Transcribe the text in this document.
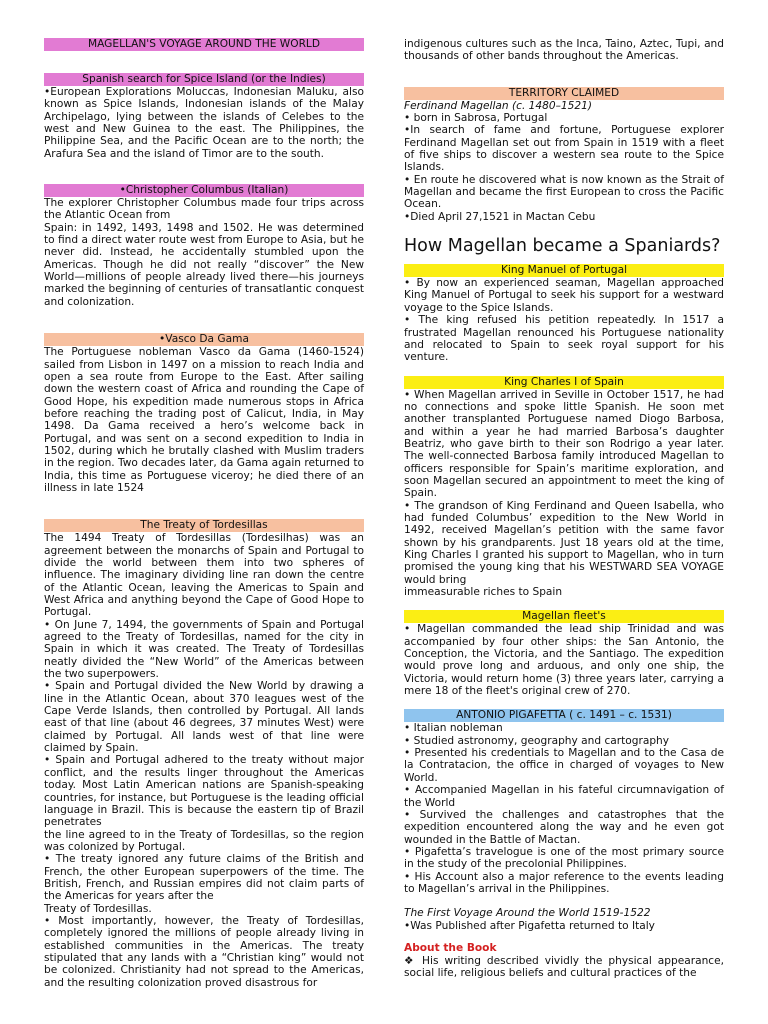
MAGELLAN'S VOYAGE AROUND THE WORLD
Spanish search for Spice Island (or the Indies)

•European Explorations Moluccas, Indonesian Maluku, also known as Spice Islands, Indonesian islands of the Malay Archipelago, lying between the islands of Celebes to the west and New Guinea to the east. The Philippines, the Philippine Sea, and the Pacific Ocean are to the north; the Arafura Sea and the island of Timor are to the south.

•Christopher Columbus (Italian)

The explorer Christopher Columbus made four trips across the Atlantic Ocean from
Spain: in 1492, 1493, 1498 and 1502. He was determined to find a direct water route west from Europe to Asia, but he never did. Instead, he accidentally stumbled upon the Americas. Though he did not really “discover” the New World—millions of people already lived there—his journeys marked the beginning of centuries of transatlantic conquest and colonization.

•Vasco Da Gama

The Portuguese nobleman Vasco da Gama (1460-1524) sailed from Lisbon in 1497 on a mission to reach India and open a sea route from Europe to the East. After sailing down the western coast of Africa and rounding the Cape of Good Hope, his expedition made numerous stops in Africa before reaching the trading post of Calicut, India, in May 1498. Da Gama received a hero’s welcome back in Portugal, and was sent on a second expedition to India in 1502, during which he brutally clashed with Muslim traders in the region. Two decades later, da Gama again returned to India, this time as Portuguese viceroy; he died there of an illness in late 1524

The Treaty of Tordesillas

The 1494 Treaty of Tordesillas (Tordesilhas) was an agreement between the monarchs of Spain and Portugal to divide the world between them into two spheres of influence. The imaginary dividing line ran down the centre of the Atlantic Ocean, leaving the Americas to Spain and West Africa and anything beyond the Cape of Good Hope to Portugal.
• On June 7, 1494, the governments of Spain and Portugal agreed to the Treaty of Tordesillas, named for the city in Spain in which it was created. The Treaty of Tordesillas neatly divided the “New World” of the Americas between the two superpowers.
• Spain and Portugal divided the New World by drawing a line in the Atlantic Ocean, about 370 leagues west of the Cape Verde Islands, then controlled by Portugal. All lands east of that line (about 46 degrees, 37 minutes West) were claimed by Portugal. All lands west of that line were claimed by Spain.
• Spain and Portugal adhered to the treaty without major conflict, and the results linger throughout the Americas today. Most Latin American nations are Spanish-speaking countries, for instance, but Portuguese is the leading official language in Brazil. This is because the eastern tip of Brazil penetrates
the line agreed to in the Treaty of Tordesillas, so the region was colonized by Portugal.
• The treaty ignored any future claims of the British and French, the other European superpowers of the time. The British, French, and Russian empires did not claim parts of the Americas for years after the
Treaty of Tordesillas.
• Most importantly, however, the Treaty of Tordesillas, completely ignored the millions of people already living in established communities in the Americas. The treaty stipulated that any lands with a “Christian king” would not be colonized. Christianity had not spread to the Americas, and the resulting colonization proved disastrous for

indigenous cultures such as the Inca, Taino, Aztec, Tupi, and thousands of other bands throughout the Americas.

TERRITORY CLAIMED

Ferdinand Magellan (c. 1480–1521)

• born in Sabrosa, Portugal
•In search of fame and fortune, Portuguese explorer Ferdinand Magellan set out from Spain in 1519 with a fleet of five ships to discover a western sea route to the Spice Islands.
• En route he discovered what is now known as the Strait of Magellan and became the first European to cross the Pacific Ocean.
•Died April 27,1521 in Mactan Cebu

How Magellan became a Spaniards?
King Manuel of Portugal

• By now an experienced seaman, Magellan approached King Manuel of Portugal to seek his support for a westward voyage to the Spice Islands.
• The king refused his petition repeatedly. In 1517 a frustrated Magellan renounced his Portuguese nationality and relocated to Spain to seek royal support for his venture.

King Charles I of Spain

• When Magellan arrived in Seville in October 1517, he had no connections and spoke little Spanish. He soon met another transplanted Portuguese named Diogo Barbosa, and within a year he had married Barbosa’s daughter Beatriz, who gave birth to their son Rodrigo a year later. The well-connected Barbosa family introduced Magellan to officers responsible for Spain’s maritime exploration, and soon Magellan secured an appointment to meet the king of Spain.
• The grandson of King Ferdinand and Queen Isabella, who had funded Columbus’ expedition to the New World in 1492, received Magellan’s petition with the same favor shown by his grandparents. Just 18 years old at the time, King Charles I granted his support to Magellan, who in turn promised the young king that his WESTWARD SEA VOYAGE would bring
immeasurable riches to Spain

Magellan fleet's

• Magellan commanded the lead ship Trinidad and was accompanied by four other ships: the San Antonio, the Conception, the Victoria, and the Santiago. The expedition would prove long and arduous, and only one ship, the Victoria, would return home (3) three years later, carrying a mere 18 of the fleet's original crew of 270.

ANTONIO PIGAFETTA ( c. 1491 – c. 1531)

• Italian nobleman
• Studied astronomy, geography and cartography
• Presented his credentials to Magellan and to the Casa de la Contratacion, the office in charged of voyages to New World.
• Accompanied Magellan in his fateful circumnavigation of the World
• Survived the challenges and catastrophes that the expedition encountered along the way and he even got wounded in the Battle of Mactan.
• Pigafetta’s travelogue is one of the most primary source in the study of the precolonial Philippines.
• His Account also a major reference to the events leading to Magellan’s arrival in the Philippines.

The First Voyage Around the World 1519-1522

•Was Published after Pigafetta returned to Italy

About the Book

❖ His writing described vividly the physical appearance, social life, religious beliefs and cultural practices of the
